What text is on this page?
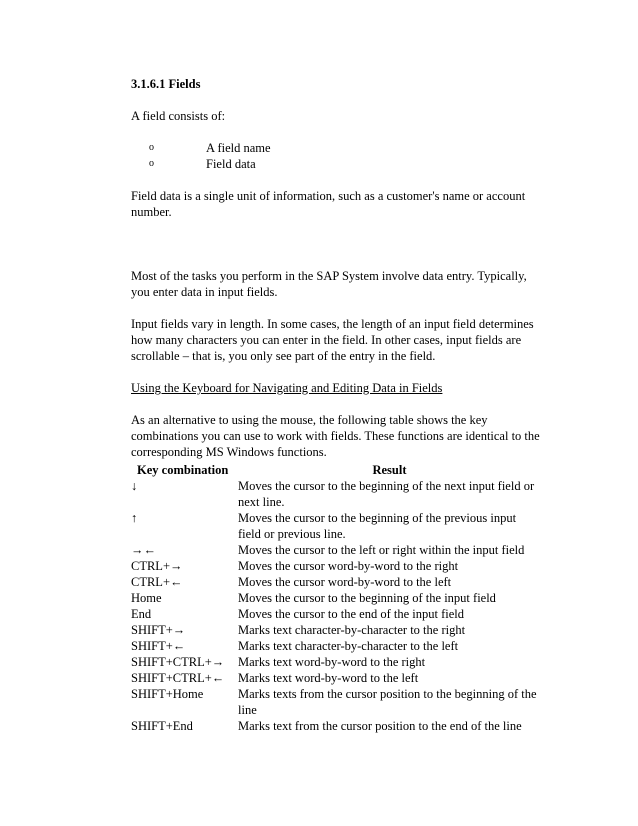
3.1.6.1 Fields

A field consists of:

o	A field name
o	Field data

Field data is a single unit of information, such as a customer's name or account number.

Most of the tasks you perform in the SAP System involve data entry. Typically, you enter data in input fields.

Input fields vary in length. In some cases, the length of an input field determines how many characters you can enter in the field. In other cases, input fields are scrollable – that is, you only see part of the entry in the field.

Using the Keyboard for Navigating and Editing Data in Fields

As an alternative to using the mouse, the following table shows the key combinations you can use to work with fields. These functions are identical to the corresponding MS Windows functions.

Key combination	Result
↓	Moves the cursor to the beginning of the next input field or next line.
↑	Moves the cursor to the beginning of the previous input field or previous line.
→←	Moves the cursor to the left or right within the input field
CTRL+→	Moves the cursor word-by-word to the right
CTRL+←	Moves the cursor word-by-word to the left
Home	Moves the cursor to the beginning of the input field
End	Moves the cursor to the end of the input field
SHIFT+→	Marks text character-by-character to the right
SHIFT+←	Marks text character-by-character to the left
SHIFT+CTRL+→	Marks text word-by-word to the right
SHIFT+CTRL+←	Marks text word-by-word to the left
SHIFT+Home	Marks texts from the cursor position to the beginning of the line
SHIFT+End	Marks text from the cursor position to the end of the line
